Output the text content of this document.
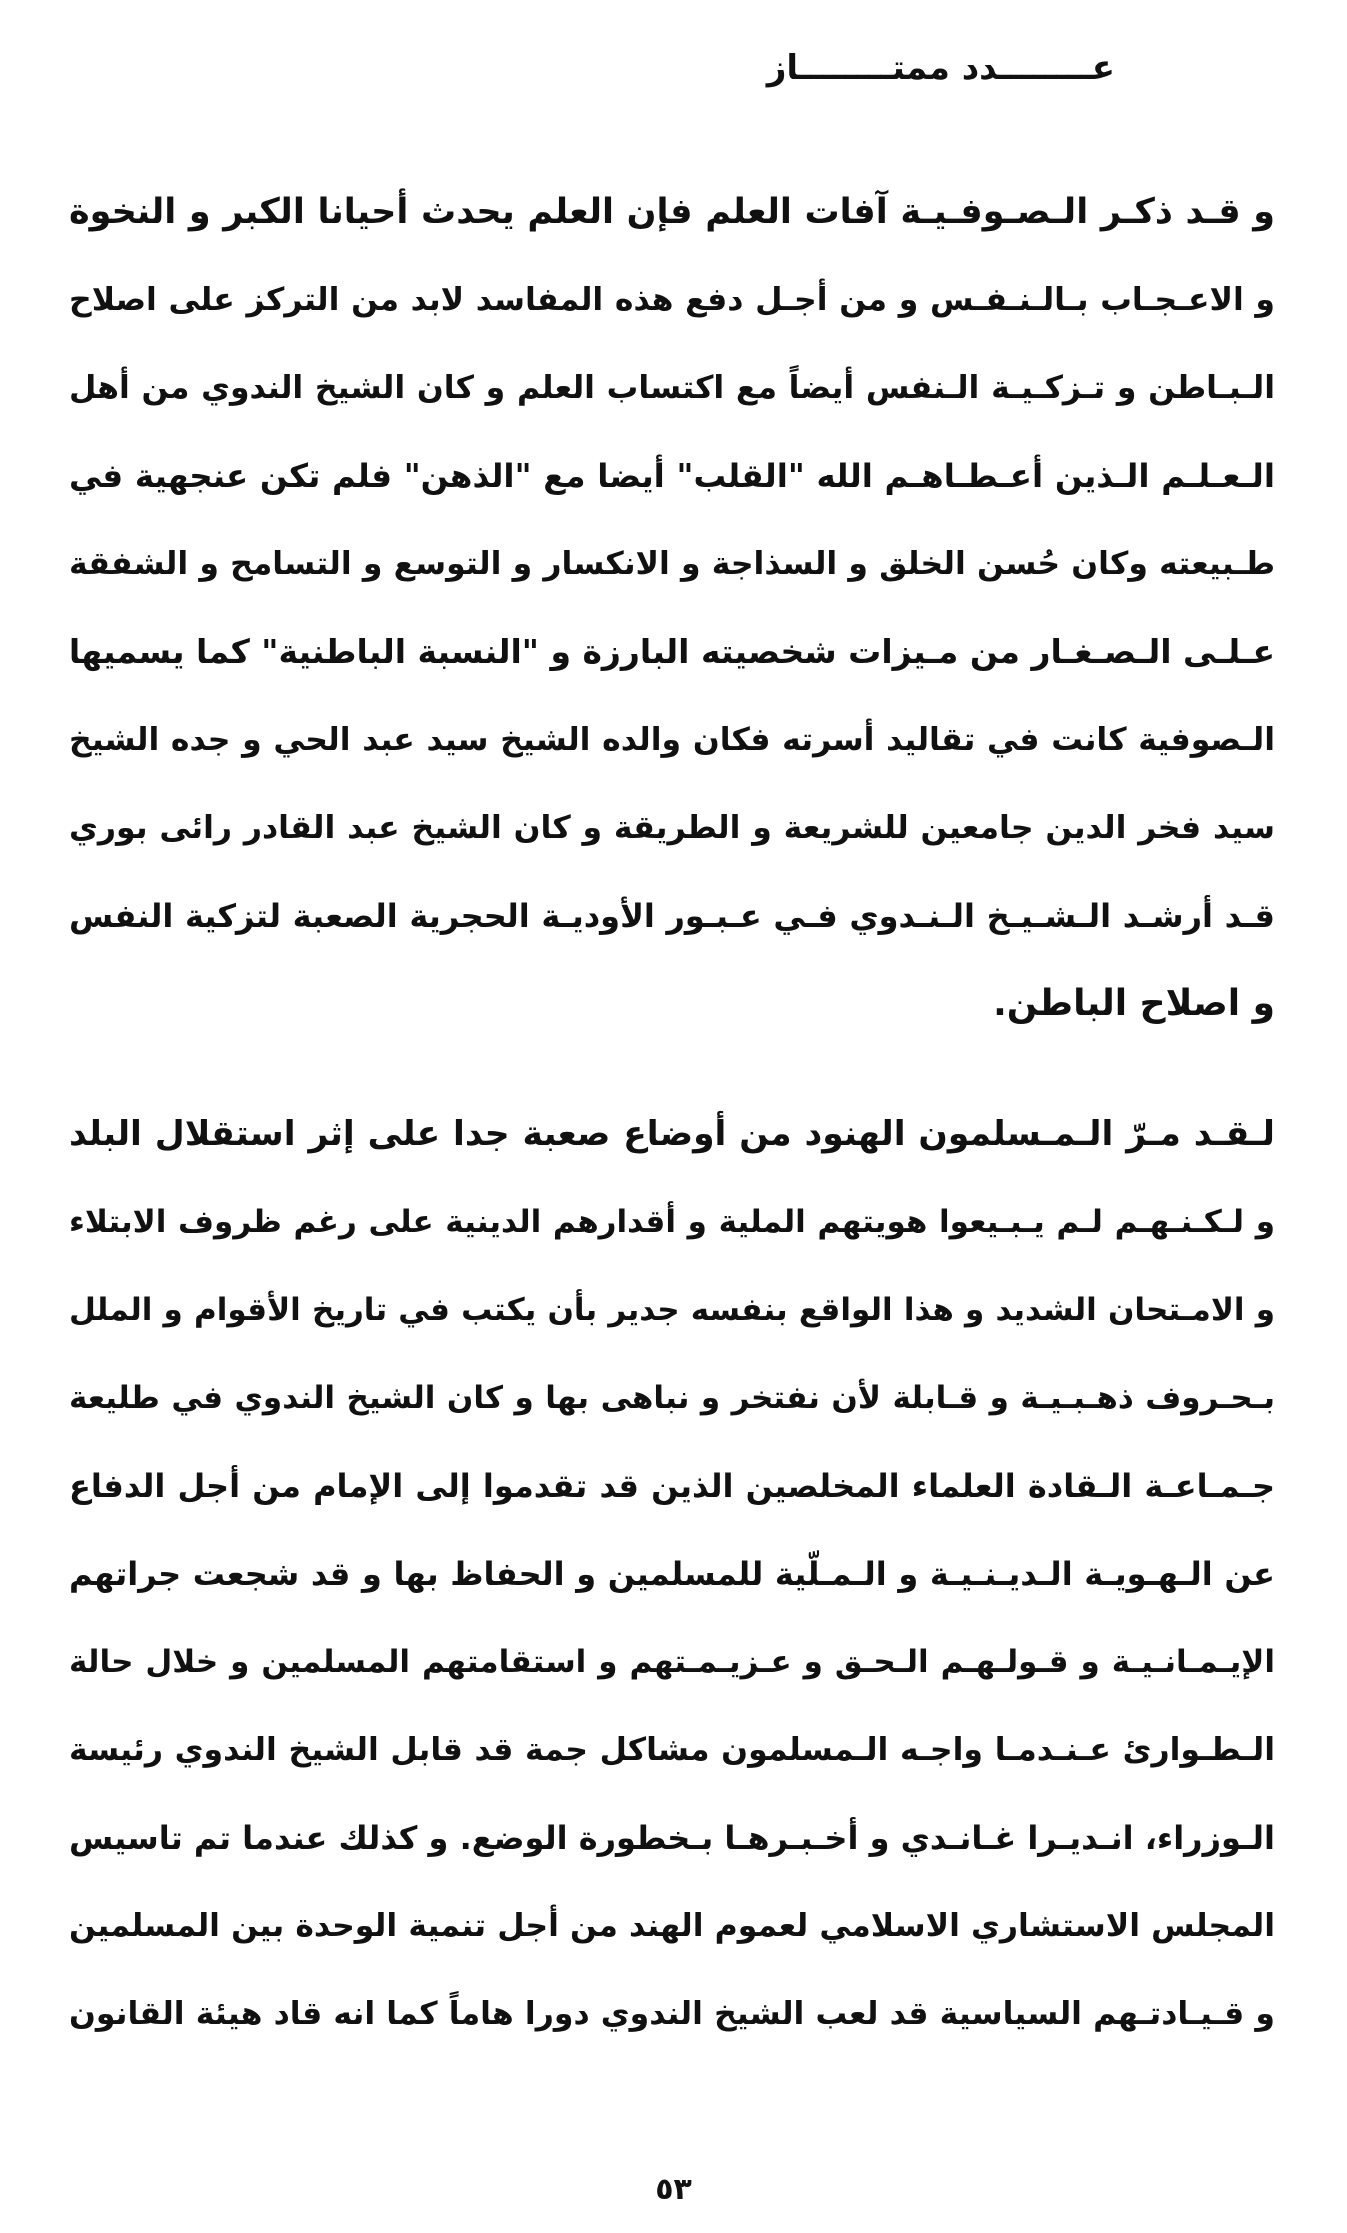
عــــــــدد ممتــــــــاز

و قـد ذكـر الـصـوفـيـة آفات العلم فإن العلم يحدث أحيانا الكبر و النخوة
و الاعـجـاب بـالـنـفـس و من أجـل دفع هذه المفاسد لابد من التركز على اصلاح
الـبـاطن و تـزكـيـة الـنفس أيضاً مع اكتساب العلم و كان الشيخ الندوي من أهل
الـعـلـم الـذين أعـطـاهـم الله "القلب" أيضا مع "الذهن" فلم تكن عنجهية في
طـبيعته وكان حُسن الخلق و السذاجة و الانكسار و التوسع و التسامح و الشفقة
عـلـى الـصـغـار من مـيزات شخصيته البارزة و "النسبة الباطنية" كما يسميها
الـصوفية كانت في تقاليد أسرته فكان والده الشيخ سيد عبد الحي و جده الشيخ
سيد فخر الدين جامعين للشريعة و الطريقة و كان الشيخ عبد القادر رائى بوري
قـد أرشـد الـشـيـخ الـنـدوي فـي عـبـور الأوديـة الحجرية الصعبة لتزكية النفس
و اصلاح الباطن.

لـقـد مـرّ الـمـسلمون الهنود من أوضاع صعبة جدا على إثر استقلال البلد
و لـكـنـهـم لـم يـبـيعوا هويتهم الملية و أقدارهم الدينية على رغم ظروف الابتلاء
و الامـتحان الشديد و هذا الواقع بنفسه جدير بأن يكتب في تاريخ الأقوام و الملل
بـحـروف ذهـبـيـة و قـابلة لأن نفتخر و نباهى بها و كان الشيخ الندوي في طليعة
جـمـاعـة الـقادة العلماء المخلصين الذين قد تقدموا إلى الإمام من أجل الدفاع
عن الـهـويـة الـديـنـيـة و الـمـلّية للمسلمين و الحفاظ بها و قد شجعت جراتهم
الإيـمـانـيـة و قـولـهـم الـحـق و عـزيـمـتهم و استقامتهم المسلمين و خلال حالة
الـطـوارئ عـنـدمـا واجـه الـمسلمون مشاكل جمة قد قابل الشيخ الندوي رئيسة
الـوزراء، انـديـرا غـانـدي و أخـبـرهـا بـخطورة الوضع. و كذلك عندما تم تاسيس
المجلس الاستشاري الاسلامي لعموم الهند من أجل تنمية الوحدة بين المسلمين
و قـيـادتـهم السياسية قد لعب الشيخ الندوي دورا هاماً كما انه قاد هيئة القانون

٥٣
